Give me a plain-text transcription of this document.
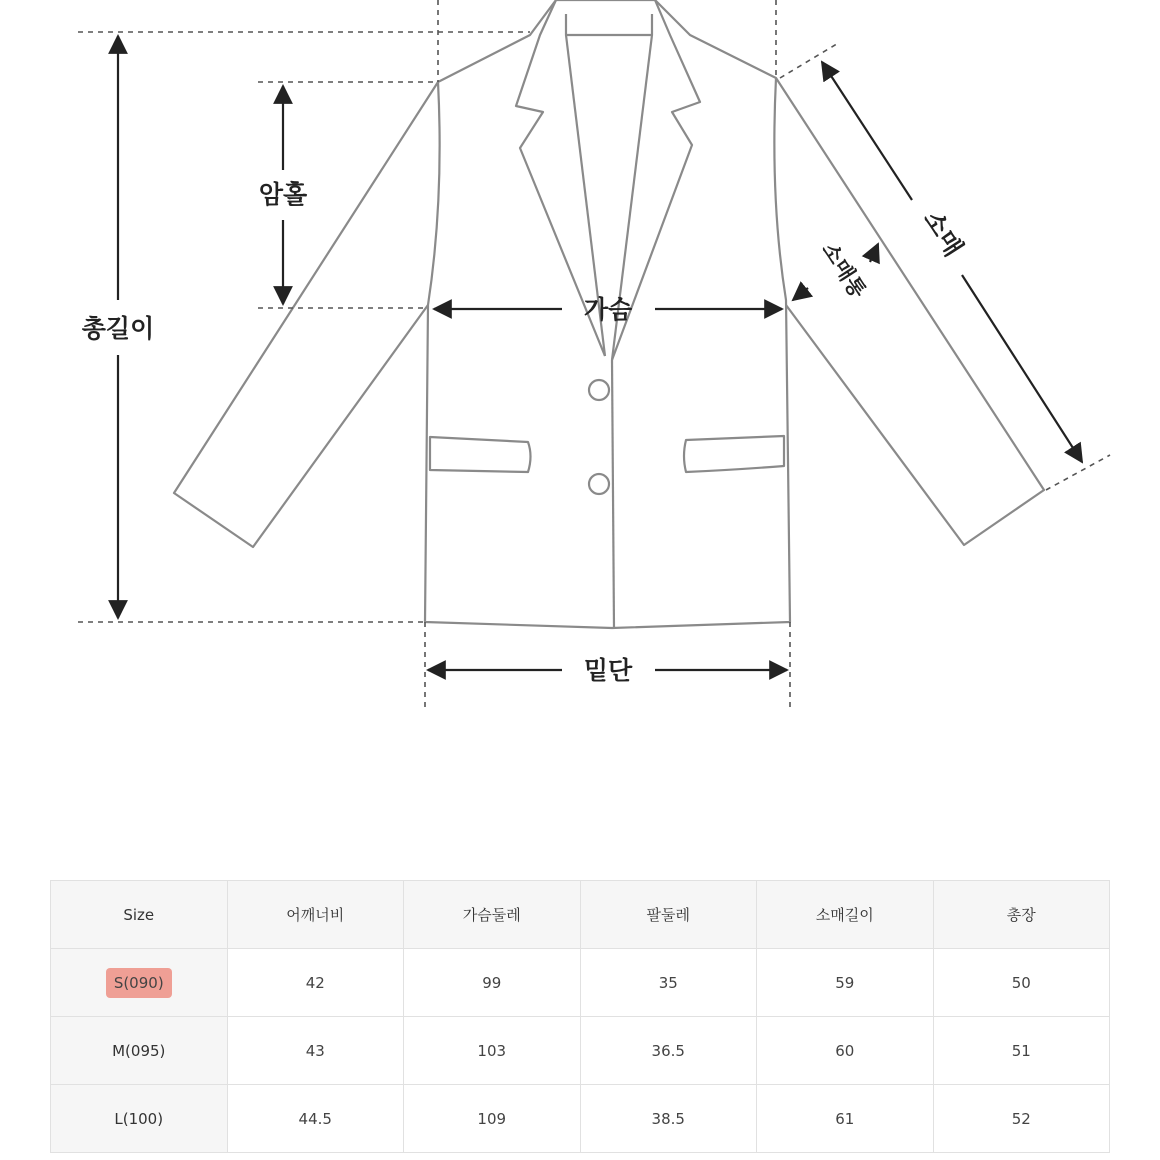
총길이
암홀
가슴
밑단
소매
소매통
Size	어깨너비	가슴둘레	팔둘레	소매길이	총장
S(090)	42	99	35	59	50
M(095)	43	103	36.5	60	51
L(100)	44.5	109	38.5	61	52
